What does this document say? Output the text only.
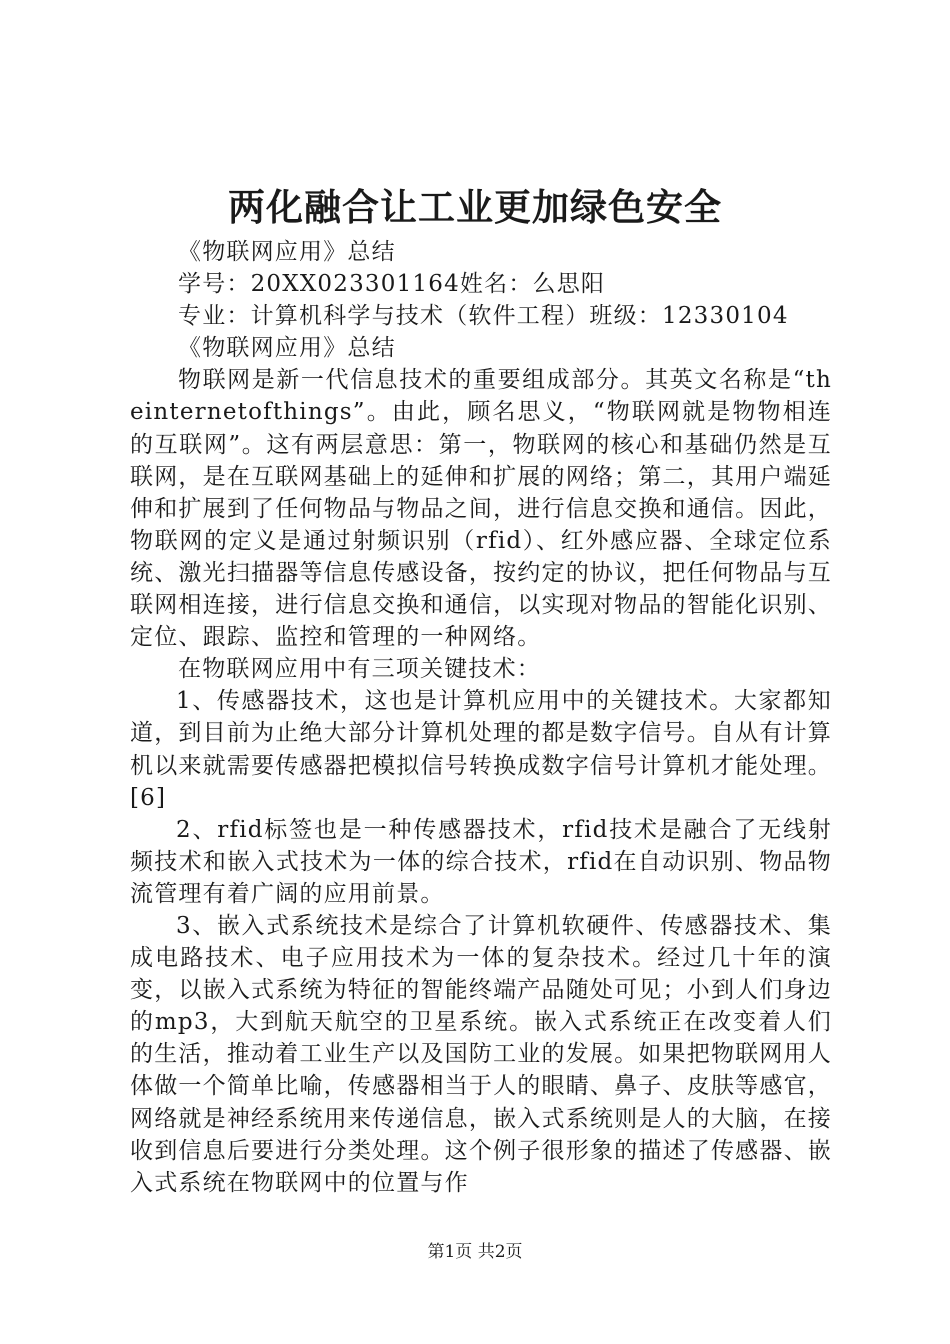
两化融合让工业更加绿色安全

《物联网应用》总结

学号：20XX023301164姓名：么思阳

专业：计算机科学与技术（软件工程）班级：12330104

《物联网应用》总结

物联网是新一代信息技术的重要组成部分。其英文名称是“theinternetofthings”。由此，顾名思义，“物联网就是物物相连的互联网”。这有两层意思：第一，物联网的核心和基础仍然是互联网，是在互联网基础上的延伸和扩展的网络；第二，其用户端延伸和扩展到了任何物品与物品之间，进行信息交换和通信。因此，物联网的定义是通过射频识别（rfid）、红外感应器、全球定位系统、激光扫描器等信息传感设备，按约定的协议，把任何物品与互联网相连接，进行信息交换和通信，以实现对物品的智能化识别、定位、跟踪、监控和管理的一种网络。

在物联网应用中有三项关键技术：

1、传感器技术，这也是计算机应用中的关键技术。大家都知道，到目前为止绝大部分计算机处理的都是数字信号。自从有计算机以来就需要传感器把模拟信号转换成数字信号计算机才能处理。[6]

2、rfid标签也是一种传感器技术，rfid技术是融合了无线射频技术和嵌入式技术为一体的综合技术，rfid在自动识别、物品物流管理有着广阔的应用前景。

3、嵌入式系统技术是综合了计算机软硬件、传感器技术、集成电路技术、电子应用技术为一体的复杂技术。经过几十年的演变，以嵌入式系统为特征的智能终端产品随处可见；小到人们身边的mp3，大到航天航空的卫星系统。嵌入式系统正在改变着人们的生活，推动着工业生产以及国防工业的发展。如果把物联网用人体做一个简单比喻，传感器相当于人的眼睛、鼻子、皮肤等感官，网络就是神经系统用来传递信息，嵌入式系统则是人的大脑，在接收到信息后要进行分类处理。这个例子很形象的描述了传感器、嵌入式系统在物联网中的位置与作

第1页 共2页
